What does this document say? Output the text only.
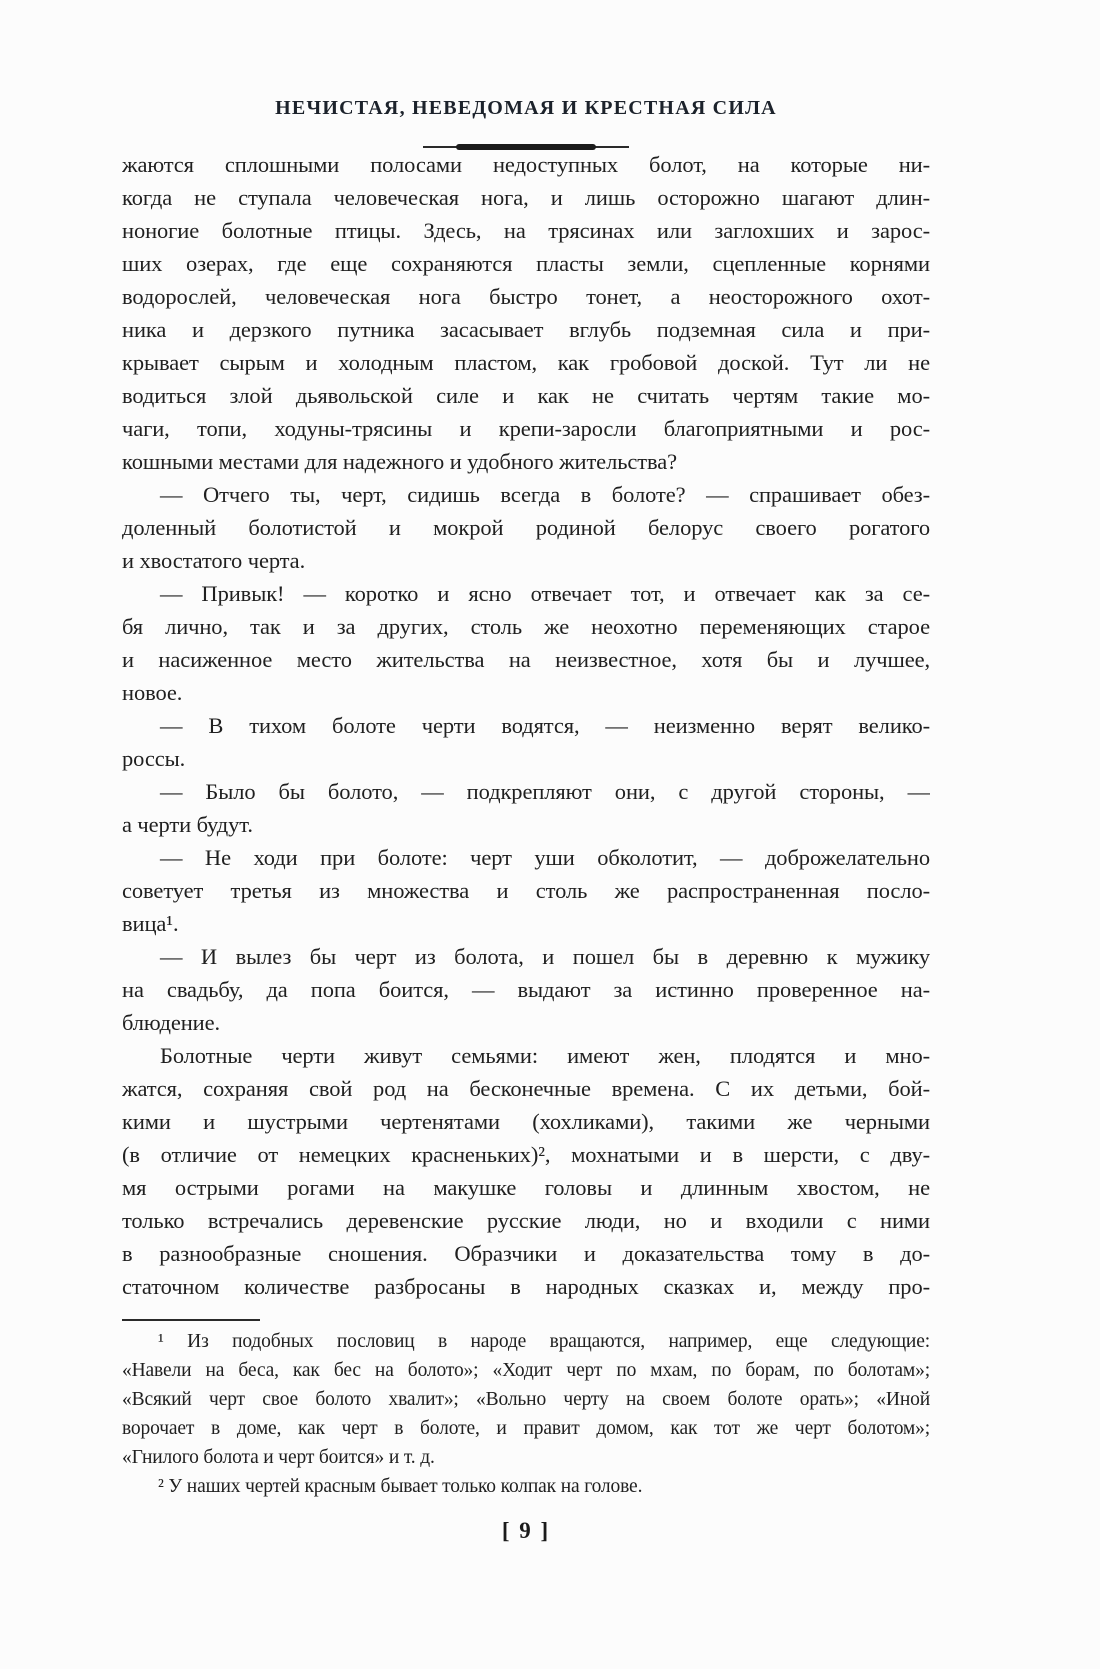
НЕЧИСТАЯ, НЕВЕДОМАЯ И КРЕСТНАЯ СИЛА
жаются сплошными полосами недоступных болот, на которые ни-
когда не ступала человеческая нога, и лишь осторожно шагают длин-
ноногие болотные птицы. Здесь, на трясинах или заглохших и зарос-
ших озерах, где еще сохраняются пласты земли, сцепленные корнями
водорослей, человеческая нога быстро тонет, а неосторожного охот-
ника и дерзкого путника засасывает вглубь подземная сила и при-
крывает сырым и холодным пластом, как гробовой доской. Тут ли не
водиться злой дьявольской силе и как не считать чертям такие мо-
чаги, топи, ходуны-трясины и крепи-заросли благоприятными и рос-
кошными местами для надежного и удобного жительства?
— Отчего ты, черт, сидишь всегда в болоте? — спрашивает обез-
доленный болотистой и мокрой родиной белорус своего рогатого
и хвостатого черта.
— Привык! — коротко и ясно отвечает тот, и отвечает как за се-
бя лично, так и за других, столь же неохотно переменяющих старое
и насиженное место жительства на неизвестное, хотя бы и лучшее,
новое.
— В тихом болоте черти водятся, — неизменно верят велико-
россы.
— Было бы болото, — подкрепляют они, с другой стороны, —
а черти будут.
— Не ходи при болоте: черт уши обколотит, — доброжелательно
советует третья из множества и столь же распространенная посло-
вица¹.
— И вылез бы черт из болота, и пошел бы в деревню к мужику
на свадьбу, да попа боится, — выдают за истинно проверенное на-
блюдение.
Болотные черти живут семьями: имеют жен, плодятся и мно-
жатся, сохраняя свой род на бесконечные времена. С их детьми, бой-
кими и шустрыми чертенятами (хохликами), такими же черными
(в отличие от немецких красненьких)², мохнатыми и в шерсти, с дву-
мя острыми рогами на макушке головы и длинным хвостом, не
только встречались деревенские русские люди, но и входили с ними
в разнообразные сношения. Образчики и доказательства тому в до-
статочном количестве разбросаны в народных сказках и, между про-
¹ Из подобных пословиц в народе вращаются, например, еще следующие:
«Навели на беса, как бес на болото»; «Ходит черт по мхам, по борам, по болотам»;
«Всякий черт свое болото хвалит»; «Вольно черту на своем болоте орать»; «Иной
ворочает в доме, как черт в болоте, и правит домом, как тот же черт болотом»;
«Гнилого болота и черт боится» и т. д.
² У наших чертей красным бывает только колпак на голове.
[ 9 ]
